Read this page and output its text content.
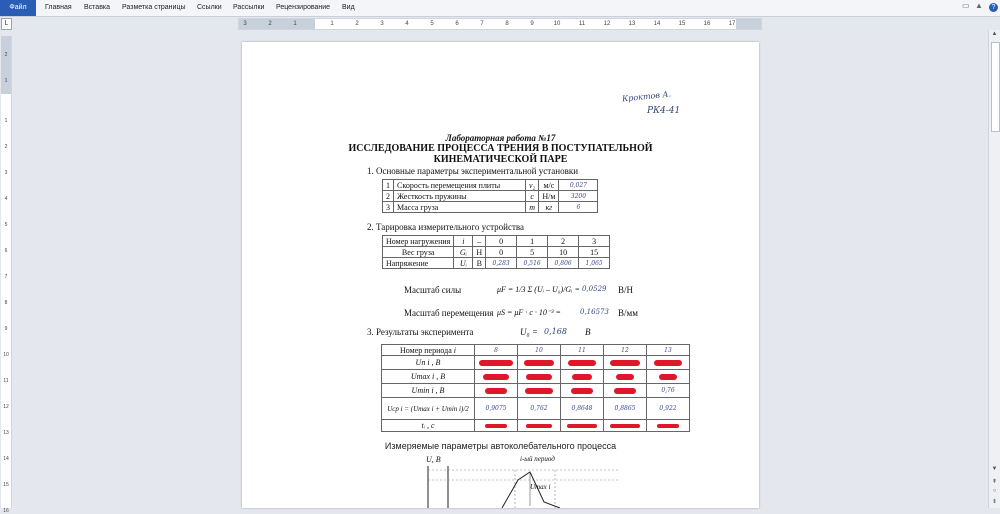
Файл	Главная Вставка Разметка страницы Ссылки Рассылки Рецензирование Вид	▭ ▲	?
L	3	2	1	1	2	3	4	5	6	7	8	9	10	11	12	13	14	15	16	17
2
1
1
2
3
4
5
6
7
8
9
10
11
12
13
14
15
16
▲
▼
⇞
○
⇟
Кроктов А.
РК4-41
Лабораторная работа №17
ИССЛЕДОВАНИЕ ПРОЦЕССА ТРЕНИЯ В ПОСТУПАТЕЛЬНОЙ
КИНЕМАТИЧЕСКОЙ ПАРЕ
1. Основные параметры экспериментальной установки
1	Скорость перемещения плиты	v₂	м/с	0,027
2	Жесткость пружины	c	Н/м	3200
3	Масса груза	m	кг	6
2. Тарировка измерительного устройства
Номер нагружения	i	–	0	1	2	3
Вес груза	Gᵢ	Н	0	5	10	15
Напряжение	Uᵢ	В	0,283	0,516	0,806	1,065
Масштаб силы	μF = 1/3 Σ (Uᵢ – U₀)/Gᵢ = 0,0529 В/Н
Масштаб перемещения μS = μF · c · 10⁻³ =	0,16573 В/мм
3. Результаты эксперимента	U₀ = 0,168 В
Номер периода i	8	10	11	12	13
Uп i , В					
Umax i , В					
Umin i , В					0,76
Uср i = (Umax i + Umin i)/2	0,9075	0,762	0,8648	0,8865	0,922
tᵢ , с					
Измеряемые параметры автоколебательного процесса
U, В	i-ый период
Umax i
